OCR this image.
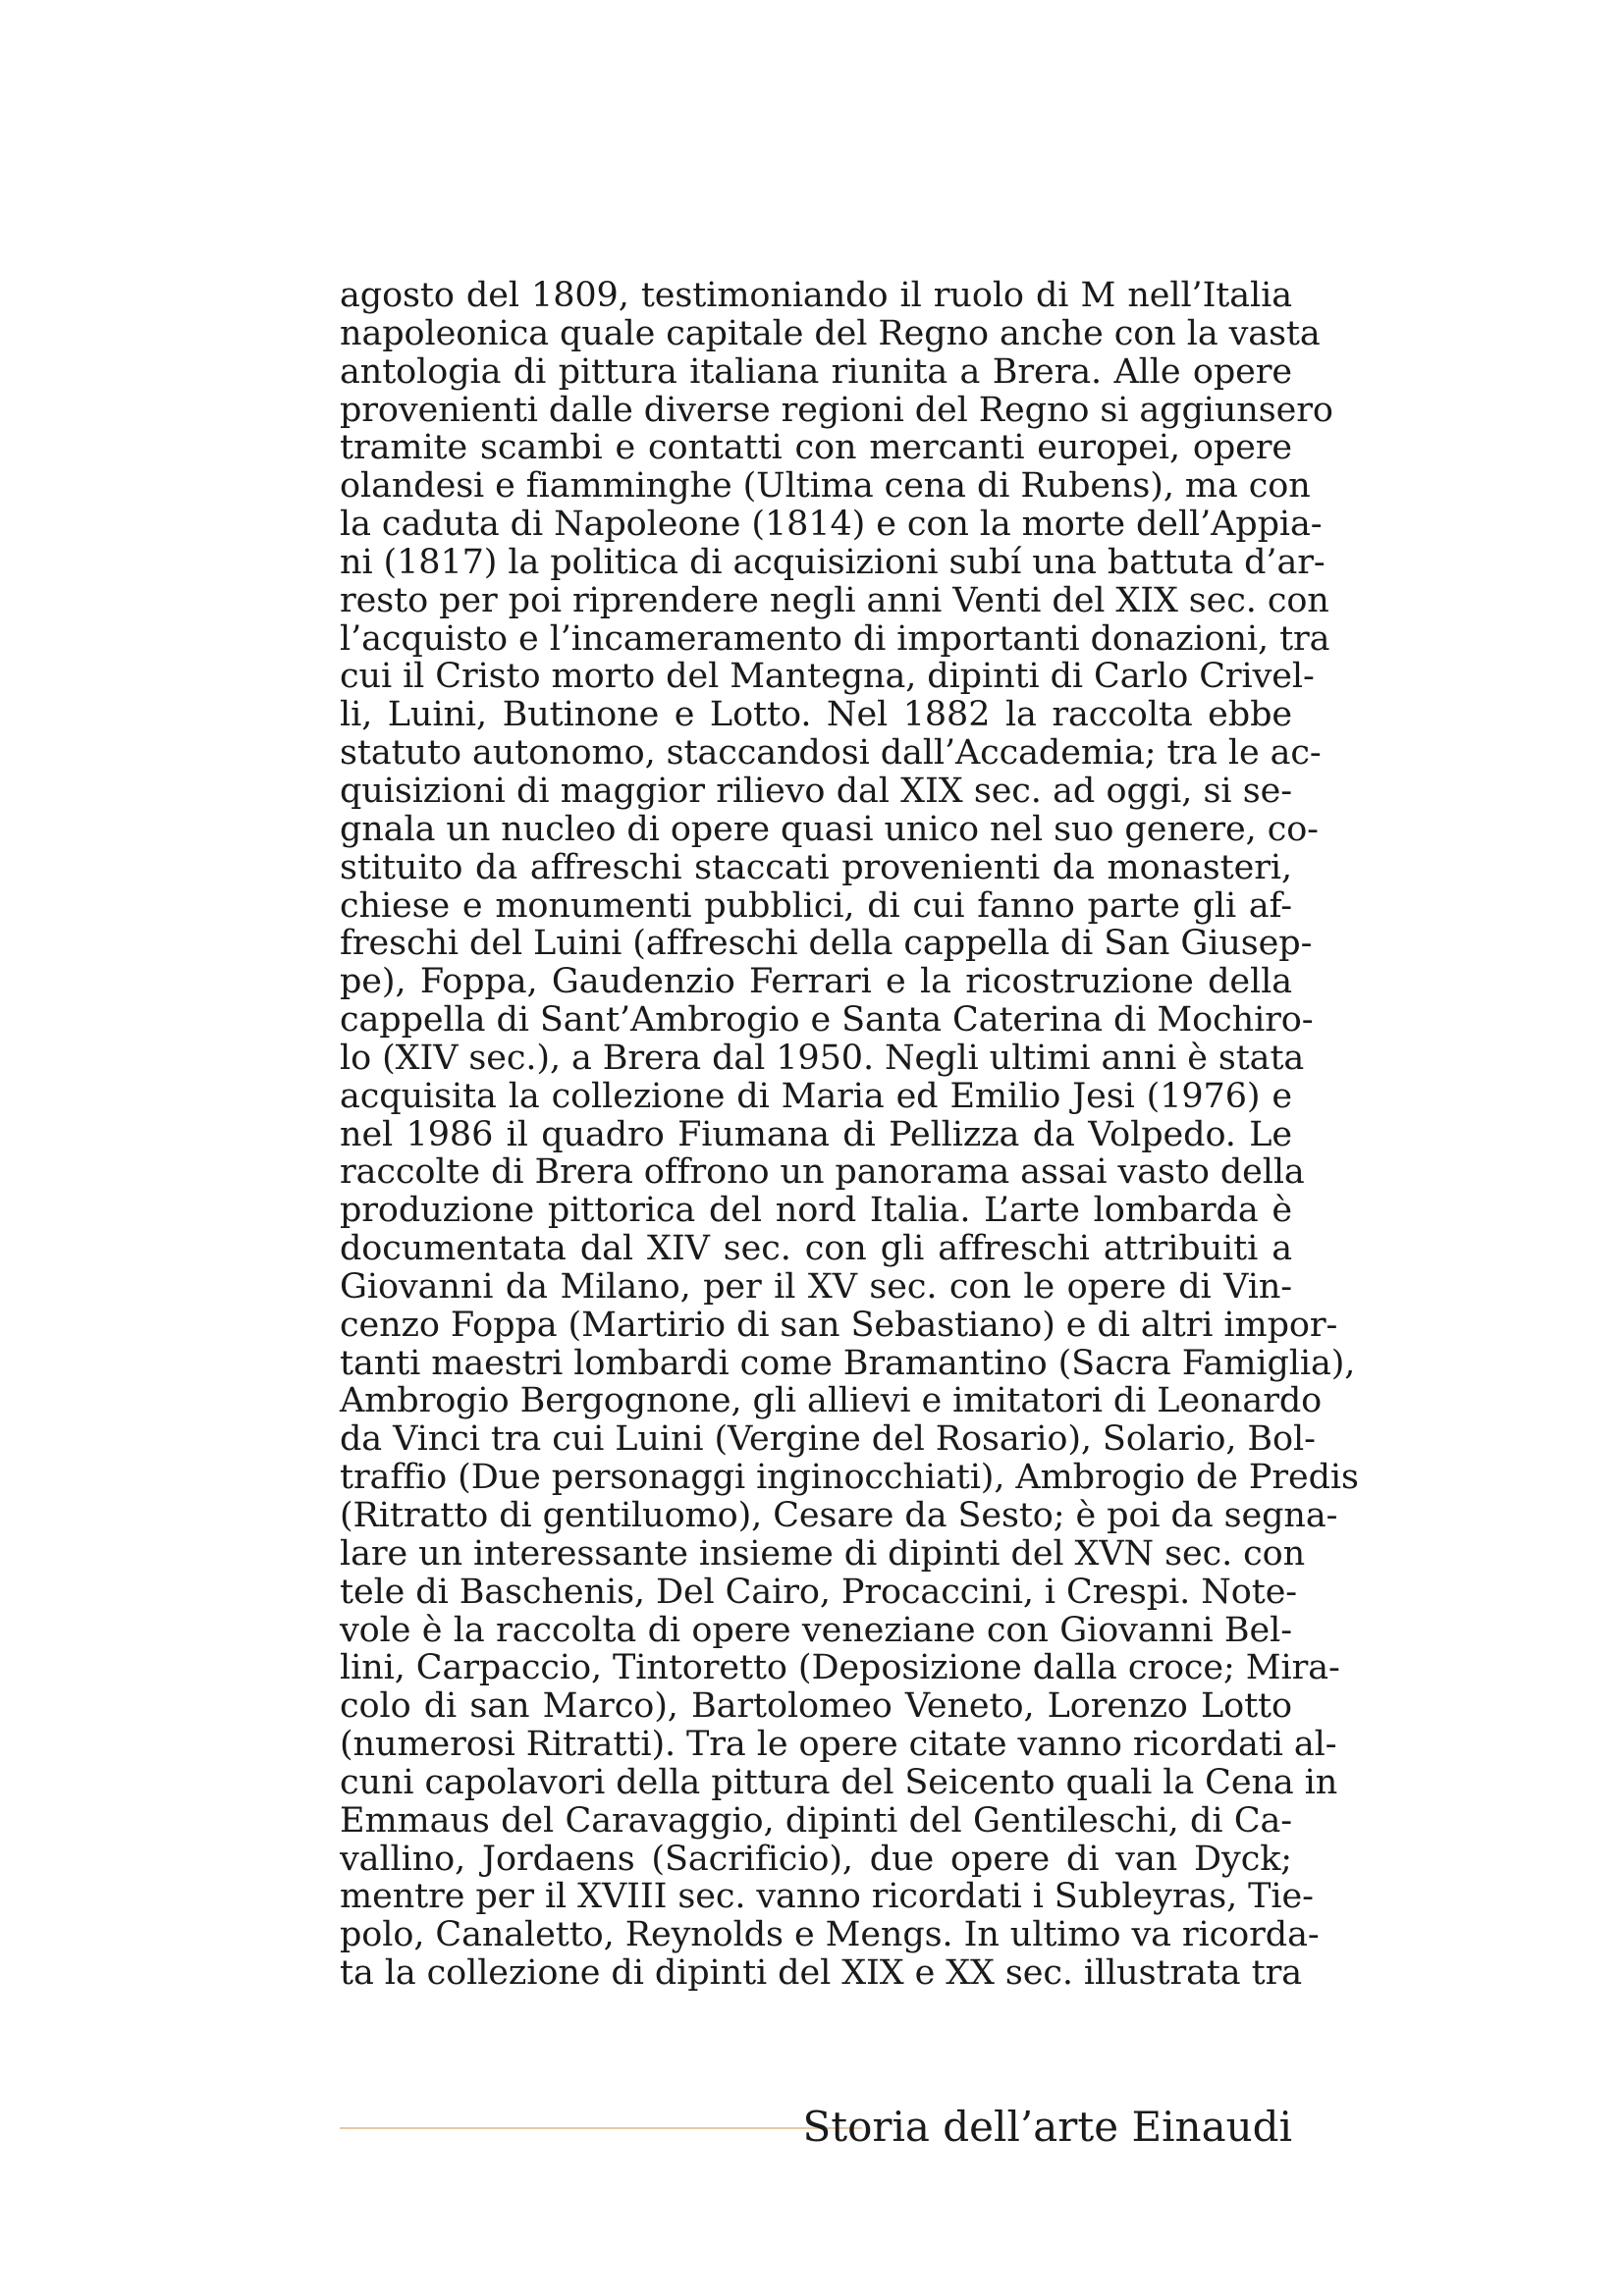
agosto del 1809, testimoniando il ruolo di M nell’Italia
napoleonica quale capitale del Regno anche con la vasta
antologia di pittura italiana riunita a Brera. Alle opere
provenienti dalle diverse regioni del Regno si aggiunsero
tramite scambi e contatti con mercanti europei, opere
olandesi e fiamminghe (Ultima cena di Rubens), ma con
la caduta di Napoleone (1814) e con la morte dell’Appia-
ni (1817) la politica di acquisizioni subí una battuta d’ar-
resto per poi riprendere negli anni Venti del XIX sec. con
l’acquisto e l’incameramento di importanti donazioni, tra
cui il Cristo morto del Mantegna, dipinti di Carlo Crivel-
li, Luini, Butinone e Lotto. Nel 1882 la raccolta ebbe
statuto autonomo, staccandosi dall’Accademia; tra le ac-
quisizioni di maggior rilievo dal XIX sec. ad oggi, si se-
gnala un nucleo di opere quasi unico nel suo genere, co-
stituito da affreschi staccati provenienti da monasteri,
chiese e monumenti pubblici, di cui fanno parte gli af-
freschi del Luini (affreschi della cappella di San Giusep-
pe), Foppa, Gaudenzio Ferrari e la ricostruzione della
cappella di Sant’Ambrogio e Santa Caterina di Mochiro-
lo (XIV sec.), a Brera dal 1950. Negli ultimi anni è stata
acquisita la collezione di Maria ed Emilio Jesi (1976) e
nel 1986 il quadro Fiumana di Pellizza da Volpedo. Le
raccolte di Brera offrono un panorama assai vasto della
produzione pittorica del nord Italia. L’arte lombarda è
documentata dal XIV sec. con gli affreschi attribuiti a
Giovanni da Milano, per il XV sec. con le opere di Vin-
cenzo Foppa (Martirio di san Sebastiano) e di altri impor-
tanti maestri lombardi come Bramantino (Sacra Famiglia),
Ambrogio Bergognone, gli allievi e imitatori di Leonardo
da Vinci tra cui Luini (Vergine del Rosario), Solario, Bol-
traffio (Due personaggi inginocchiati), Ambrogio de Predis
(Ritratto di gentiluomo), Cesare da Sesto; è poi da segna-
lare un interessante insieme di dipinti del XVN sec. con
tele di Baschenis, Del Cairo, Procaccini, i Crespi. Note-
vole è la raccolta di opere veneziane con Giovanni Bel-
lini, Carpaccio, Tintoretto (Deposizione dalla croce; Mira-
colo di san Marco), Bartolomeo Veneto, Lorenzo Lotto
(numerosi Ritratti). Tra le opere citate vanno ricordati al-
cuni capolavori della pittura del Seicento quali la Cena in
Emmaus del Caravaggio, dipinti del Gentileschi, di Ca-
vallino, Jordaens (Sacrificio), due opere di van Dyck;
mentre per il XVIII sec. vanno ricordati i Subleyras, Tie-
polo, Canaletto, Reynolds e Mengs. In ultimo va ricorda-
ta la collezione di dipinti del XIX e XX sec. illustrata tra
Storia dell’arte Einaudi
